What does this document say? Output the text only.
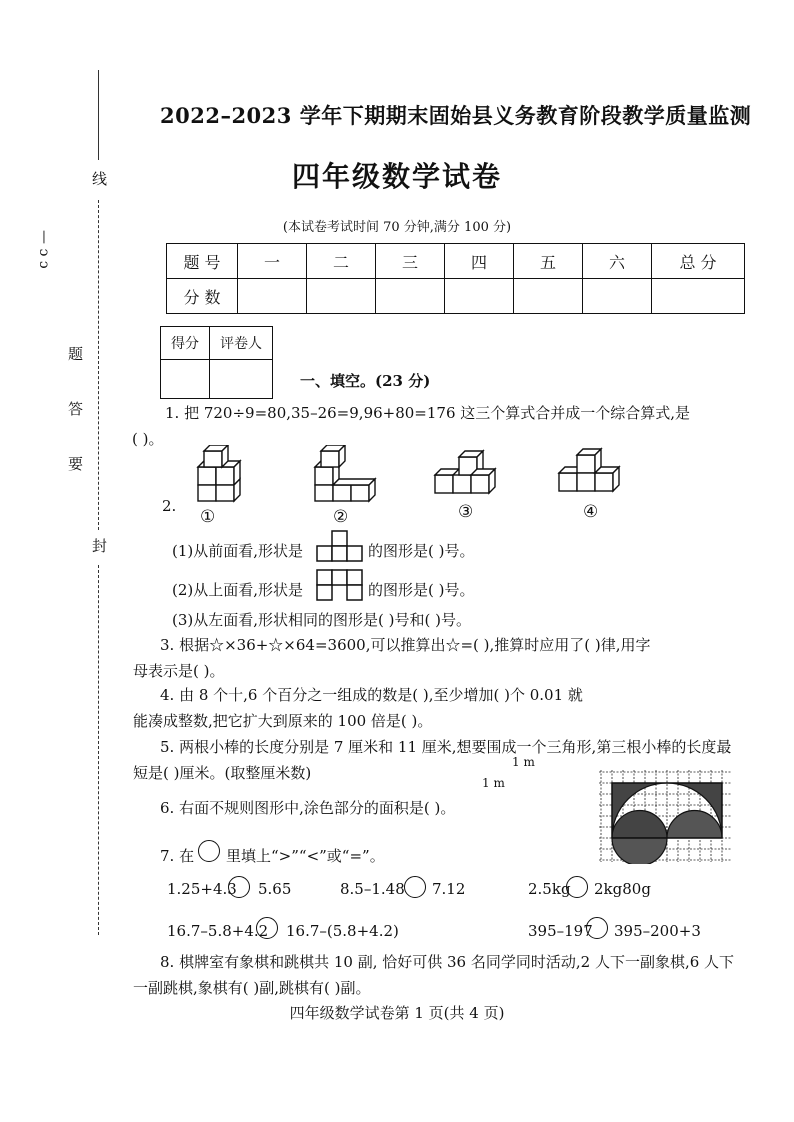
线
— ɔ ɔ
题
答
要
封
2022–2023 学年下期期末固始县义务教育阶段教学质量监测
四年级数学试卷
(本试卷考试时间 70 分钟,满分 100 分)
题 号	一	二	三	四	五	六	总 分
分 数							
得分	评卷人

一、填空。(23 分)
1. 把 720÷9=80,35–26=9,96+80=176 这三个算式合并成一个综合算式,是
( )。
2.
①	②	③	④
(1)从前面看,形状是	的图形是( )号。
(2)从上面看,形状是	的图形是( )号。
(3)从左面看,形状相同的图形是( )号和( )号。
3. 根据☆×36+☆×64=3600,可以推算出☆=( ),推算时应用了( )律,用字
母表示是( )。
4. 由 8 个十,6 个百分之一组成的数是( ),至少增加( )个 0.01 就
能凑成整数,把它扩大到原来的 100 倍是( )。
5. 两根小棒的长度分别是 7 厘米和 11 厘米,想要围成一个三角形,第三根小棒的长度最
短是( )厘米。(取整厘米数)
6. 右面不规则图形中,涂色部分的面积是( )。
1 m
1 m
7. 在 里填上“>”“<”或“=”。
1.25+4.3 5.65	8.5–1.48 7.12	2.5kg 2kg80g
16.7–5.8+4.2 16.7–(5.8+4.2)	395–197 395–200+3
8. 棋牌室有象棋和跳棋共 10 副, 恰好可供 36 名同学同时活动,2 人下一副象棋,6 人下
一副跳棋,象棋有( )副,跳棋有( )副。
四年级数学试卷第 1 页(共 4 页)
